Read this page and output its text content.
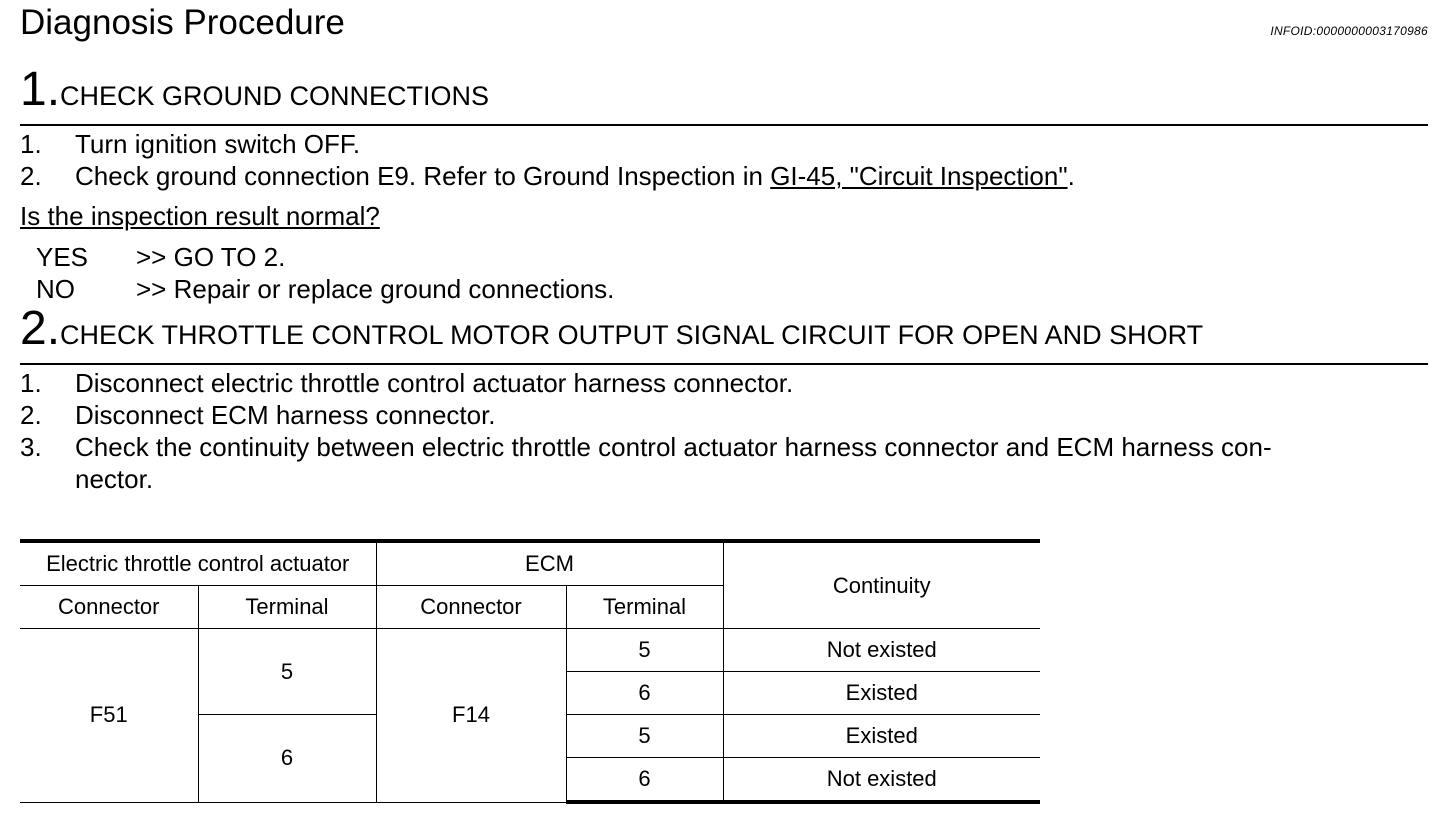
Diagnosis Procedure	INFOID:0000000003170986
1.CHECK GROUND CONNECTIONS
1. Turn ignition switch OFF.
2. Check ground connection E9. Refer to Ground Inspection in GI-45, "Circuit Inspection".
Is the inspection result normal?
YES >> GO TO 2.
NO >> Repair or replace ground connections.
2.CHECK THROTTLE CONTROL MOTOR OUTPUT SIGNAL CIRCUIT FOR OPEN AND SHORT
1. Disconnect electric throttle control actuator harness connector.
2. Disconnect ECM harness connector.
3. Check the continuity between electric throttle control actuator harness connector and ECM harness con-
nector.
Electric throttle control actuator		ECM		Continuity
Connector	Terminal	Connector	Terminal	
F51	5	F14	5	Not existed
			6	Existed
	6		5	Existed
			6	Not existed
